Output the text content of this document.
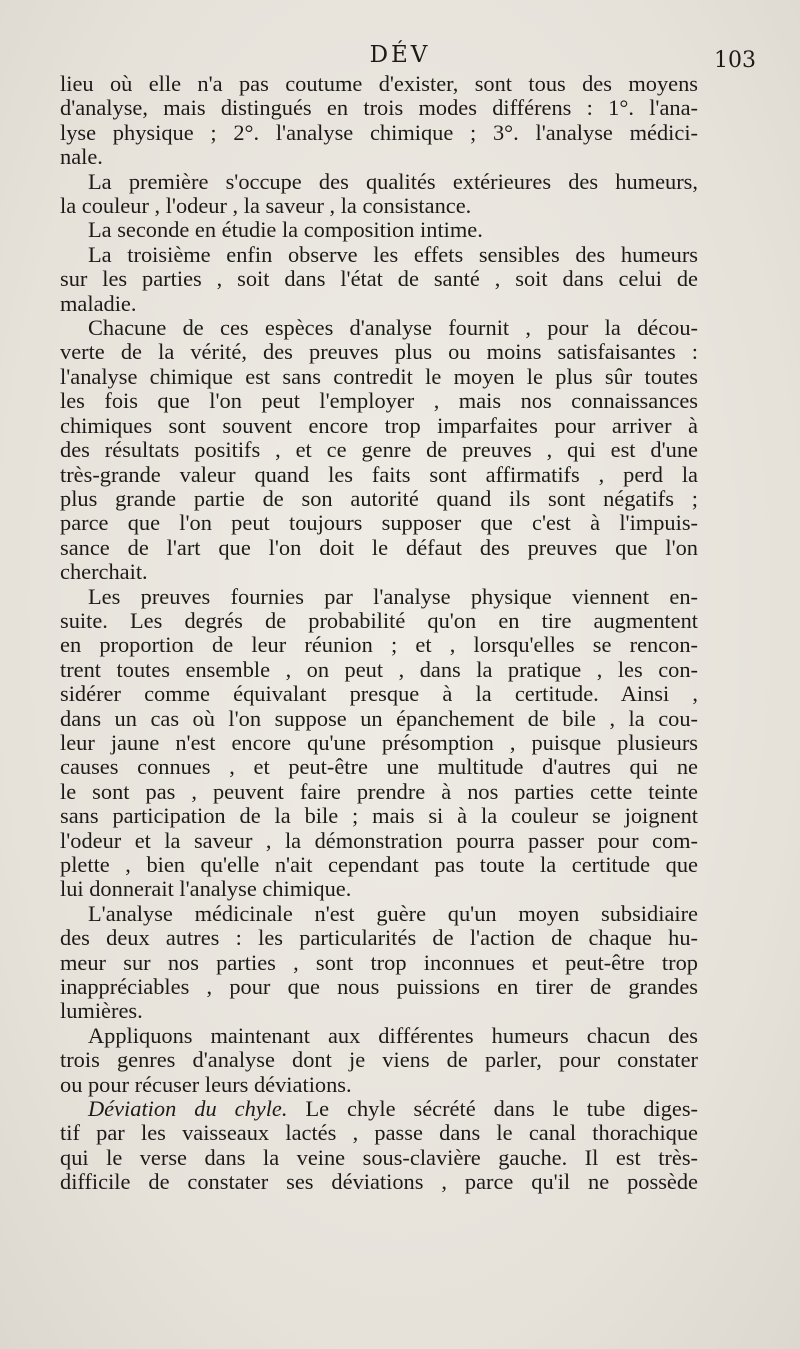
DÉV	103
lieu où elle n'a pas coutume d'exister, sont tous des moyens
d'analyse, mais distingués en trois modes différens : 1°. l'ana-
lyse physique ; 2°. l'analyse chimique ; 3°. l'analyse médici-
nale.
La première s'occupe des qualités extérieures des humeurs,
la couleur , l'odeur , la saveur , la consistance.
La seconde en étudie la composition intime.
La troisième enfin observe les effets sensibles des humeurs
sur les parties , soit dans l'état de santé , soit dans celui de
maladie.
Chacune de ces espèces d'analyse fournit , pour la décou-
verte de la vérité, des preuves plus ou moins satisfaisantes :
l'analyse chimique est sans contredit le moyen le plus sûr toutes
les fois que l'on peut l'employer , mais nos connaissances
chimiques sont souvent encore trop imparfaites pour arriver à
des résultats positifs , et ce genre de preuves , qui est d'une
très-grande valeur quand les faits sont affirmatifs , perd la
plus grande partie de son autorité quand ils sont négatifs ;
parce que l'on peut toujours supposer que c'est à l'impuis-
sance de l'art que l'on doit le défaut des preuves que l'on
cherchait.
Les preuves fournies par l'analyse physique viennent en-
suite. Les degrés de probabilité qu'on en tire augmentent
en proportion de leur réunion ; et , lorsqu'elles se rencon-
trent toutes ensemble , on peut , dans la pratique , les con-
sidérer comme équivalant presque à la certitude. Ainsi ,
dans un cas où l'on suppose un épanchement de bile , la cou-
leur jaune n'est encore qu'une présomption , puisque plusieurs
causes connues , et peut-être une multitude d'autres qui ne
le sont pas , peuvent faire prendre à nos parties cette teinte
sans participation de la bile ; mais si à la couleur se joignent
l'odeur et la saveur , la démonstration pourra passer pour com-
plette , bien qu'elle n'ait cependant pas toute la certitude que
lui donnerait l'analyse chimique.
L'analyse médicinale n'est guère qu'un moyen subsidiaire
des deux autres : les particularités de l'action de chaque hu-
meur sur nos parties , sont trop inconnues et peut-être trop
inappréciables , pour que nous puissions en tirer de grandes
lumières.
Appliquons maintenant aux différentes humeurs chacun des
trois genres d'analyse dont je viens de parler, pour constater
ou pour récuser leurs déviations.
Déviation du chyle. Le chyle sécrété dans le tube diges-
tif par les vaisseaux lactés , passe dans le canal thorachique
qui le verse dans la veine sous-clavière gauche. Il est très-
difficile de constater ses déviations , parce qu'il ne possède
